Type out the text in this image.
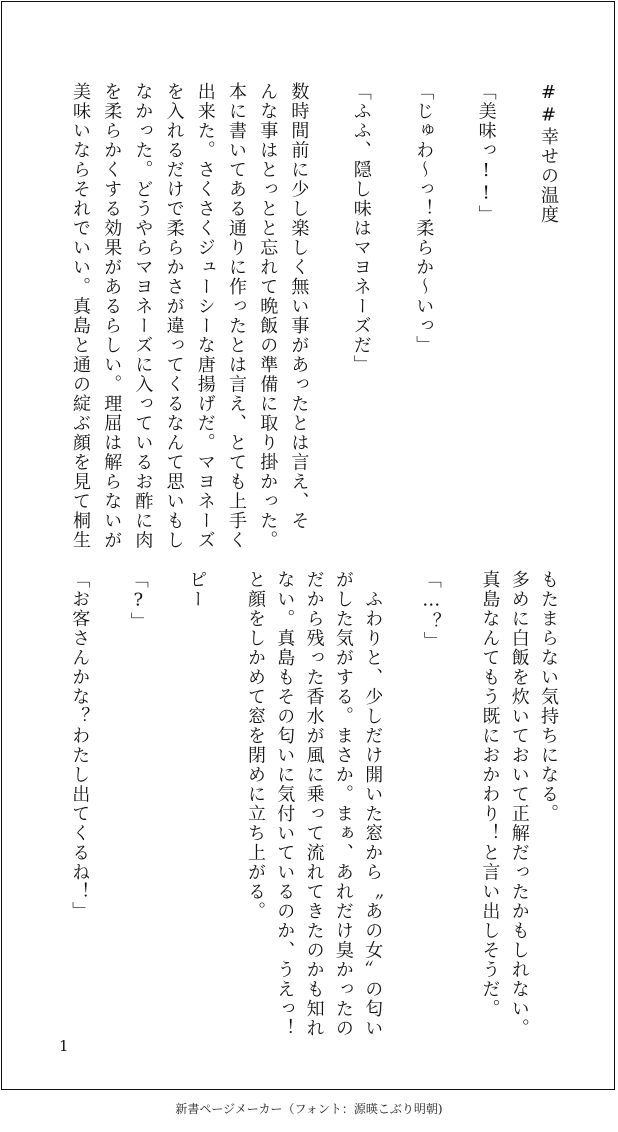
##幸せの温度
「美味っ!!」
「じゅわ〜っ！柔らか〜いっ」
「ふふ、隠し味はマヨネーズだ」
数時間前に少し楽しく無い事があったとは言え、そ
んな事はとっとと忘れて晩飯の準備に取り掛かった。
本に書いてある通りに作ったとは言え、とても上手く
出来た。さくさくジューシーな唐揚げだ。マヨネーズ
を入れるだけで柔らかさが違ってくるなんて思いもし
なかった。どうやらマヨネーズに入っているお酢に肉
を柔らかくする効果があるらしい。理屈は解らないが
美味いならそれでいい。真島と通の綻ぶ顔を見て桐生
もたまらない気持ちになる。
多めに白飯を炊いておいて正解だったかもしれない。
真島なんてもう既におかわり！と言い出しそうだ。
「…？」
　ふわりと、少しだけ開いた窓から〝あの女〟の匂い
がした気がする。まさか。まぁ、あれだけ臭かったの
だから残った香水が風に乗って流れてきたのかも知れ
ない。真島もその匂いに気付いているのか、うえっ！
と顔をしかめて窓を閉めに立ち上がる。
ピー
「?」
「お客さんかな？わたし出てくるね！」
1
新書ページメーカー（フォント：源暎こぶり明朝)
